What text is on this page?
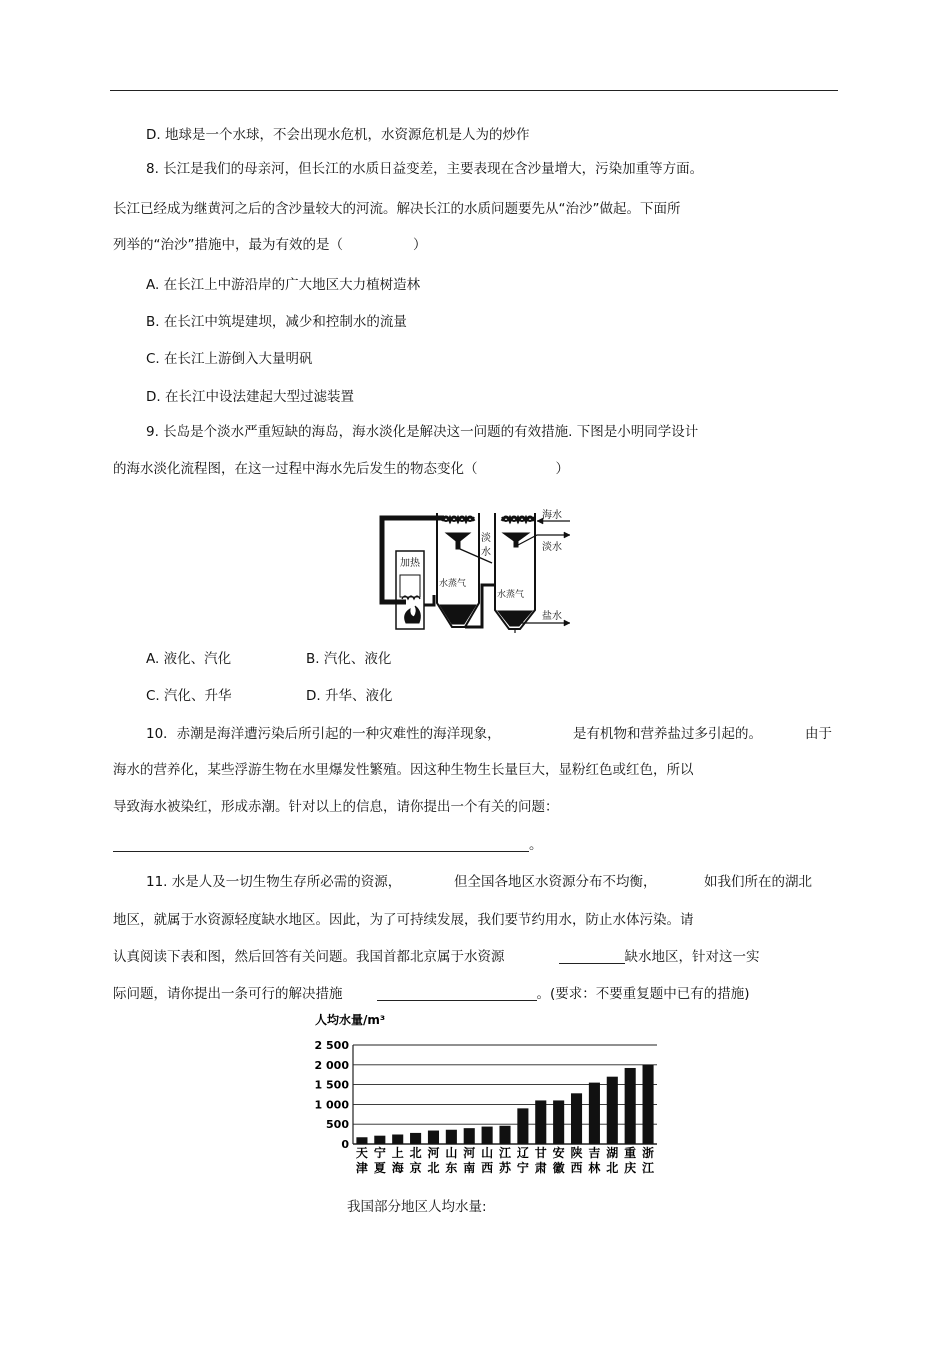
D. 地球是一个水球，不会出现水危机，水资源危机是人为的炒作
8. 长江是我们的母亲河，但长江的水质日益变差，主要表现在含沙量增大，污染加重等方面。
长江已经成为继黄河之后的含沙量较大的河流。解决长江的水质问题要先从“治沙”做起。下面所
列举的“治沙”措施中，最为有效的是（	）
A. 在长江上中游沿岸的广大地区大力植树造林
B. 在长江中筑堤建坝，减少和控制水的流量
C. 在长江上游倒入大量明矾
D. 在长江中设法建起大型过滤装置
9. 长岛是个淡水严重短缺的海岛，海水淡化是解决这一问题的有效措施. 下图是小明同学设计
的海水淡化流程图，在这一过程中海水先后发生的物态变化（	）
加热
淡
水
水蒸气
水蒸气
海水
淡水
盐水
A. 液化、汽化	B. 汽化、液化
C. 汽化、升华	D. 升华、液化
10．赤潮是海洋遭污染后所引起的一种灾难性的海洋现象，	是有机物和营养盐过多引起的。	由于
海水的营养化，某些浮游生物在水里爆发性繁殖。因这种生物生长量巨大，显粉红色或红色，所以
导致海水被染红，形成赤潮。针对以上的信息，请你提出一个有关的问题：
。
11. 水是人及一切生物生存所必需的资源，	但全国各地区水资源分布不均衡，	如我们所在的湖北
地区，就属于水资源轻度缺水地区。因此，为了可持续发展，我们要节约用水，防止水体污染。请
认真阅读下表和图，然后回答有关问题。我国首都北京属于水资源	缺水地区，针对这一实
际问题，请你提出一条可行的解决措施	。(要求：不要重复题中已有的措施)
人均水量/m³
2 500
2 000
1 500
1 000
500
0
天
津
宁
夏
上
海
北
京
河
北
山
东
河
南
山
西
江
苏
辽
宁
甘
肃
安
徽
陕
西
吉
林
湖
北
重
庆
浙
江
我国部分地区人均水量:
